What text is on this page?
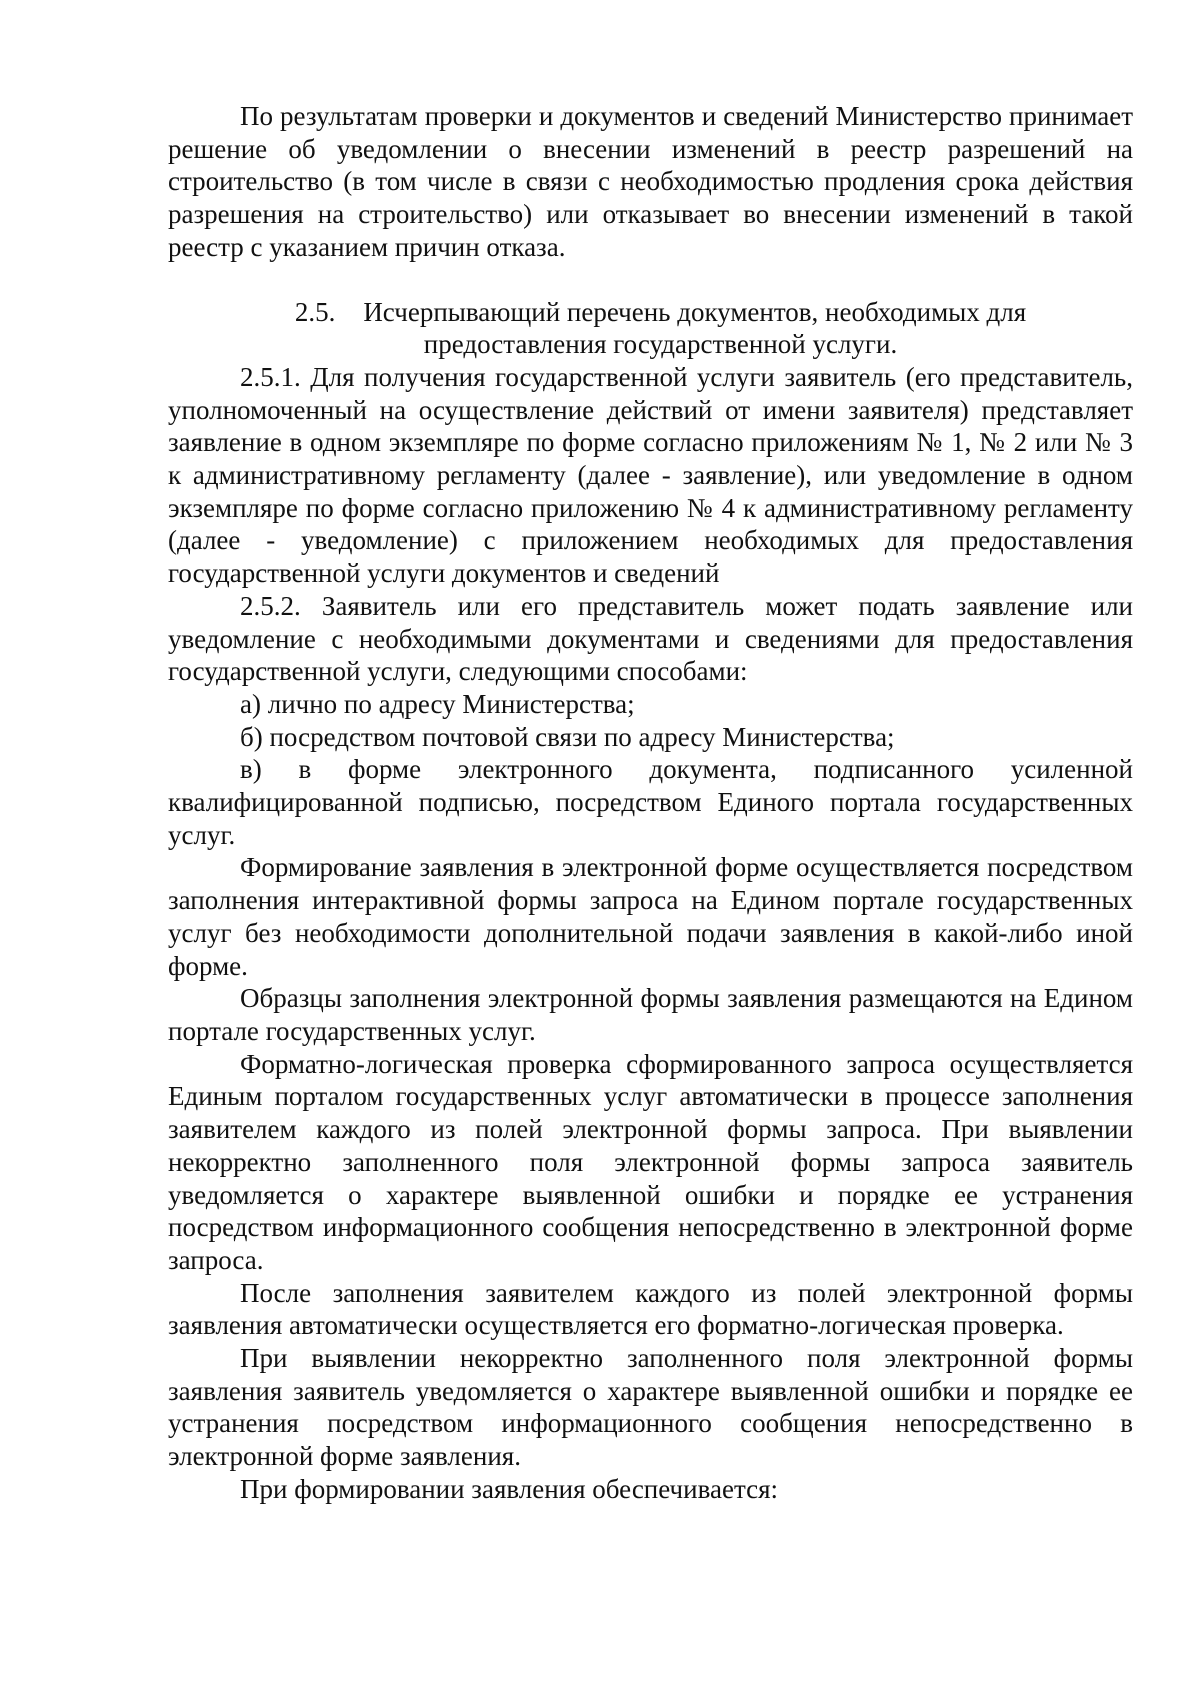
По результатам проверки и документов и сведений Министерство принимает решение об уведомлении о внесении изменений в реестр разрешений на строительство (в том числе в связи с необходимостью продления срока действия разрешения на строительство) или отказывает во внесении изменений в такой реестр с указанием причин отказа.

2.5. Исчерпывающий перечень документов, необходимых для
предоставления государственной услуги.

2.5.1. Для получения государственной услуги заявитель (его представитель, уполномоченный на осуществление действий от имени заявителя) представляет заявление в одном экземпляре по форме согласно приложениям № 1, № 2 или № 3 к административному регламенту (далее - заявление), или уведомление в одном экземпляре по форме согласно приложению № 4 к административному регламенту (далее - уведомление) с приложением необходимых для предоставления государственной услуги документов и сведений

2.5.2. Заявитель или его представитель может подать заявление или уведомление с необходимыми документами и сведениями для предоставления государственной услуги, следующими способами:

а) лично по адресу Министерства;

б) посредством почтовой связи по адресу Министерства;

в) в форме электронного документа, подписанного усиленной квалифицированной подписью, посредством Единого портала государственных услуг.

Формирование заявления в электронной форме осуществляется посредством заполнения интерактивной формы запроса на Едином портале государственных услуг без необходимости дополнительной подачи заявления в какой-либо иной форме.

Образцы заполнения электронной формы заявления размещаются на Едином портале государственных услуг.

Форматно-логическая проверка сформированного запроса осуществляется Единым порталом государственных услуг автоматически в процессе заполнения заявителем каждого из полей электронной формы запроса. При выявлении некорректно заполненного поля электронной формы запроса заявитель уведомляется о характере выявленной ошибки и порядке ее устранения посредством информационного сообщения непосредственно в электронной форме запроса.

После заполнения заявителем каждого из полей электронной формы заявления автоматически осуществляется его форматно-логическая проверка.

При выявлении некорректно заполненного поля электронной формы заявления заявитель уведомляется о характере выявленной ошибки и порядке ее устранения посредством информационного сообщения непосредственно в электронной форме заявления.

При формировании заявления обеспечивается:
